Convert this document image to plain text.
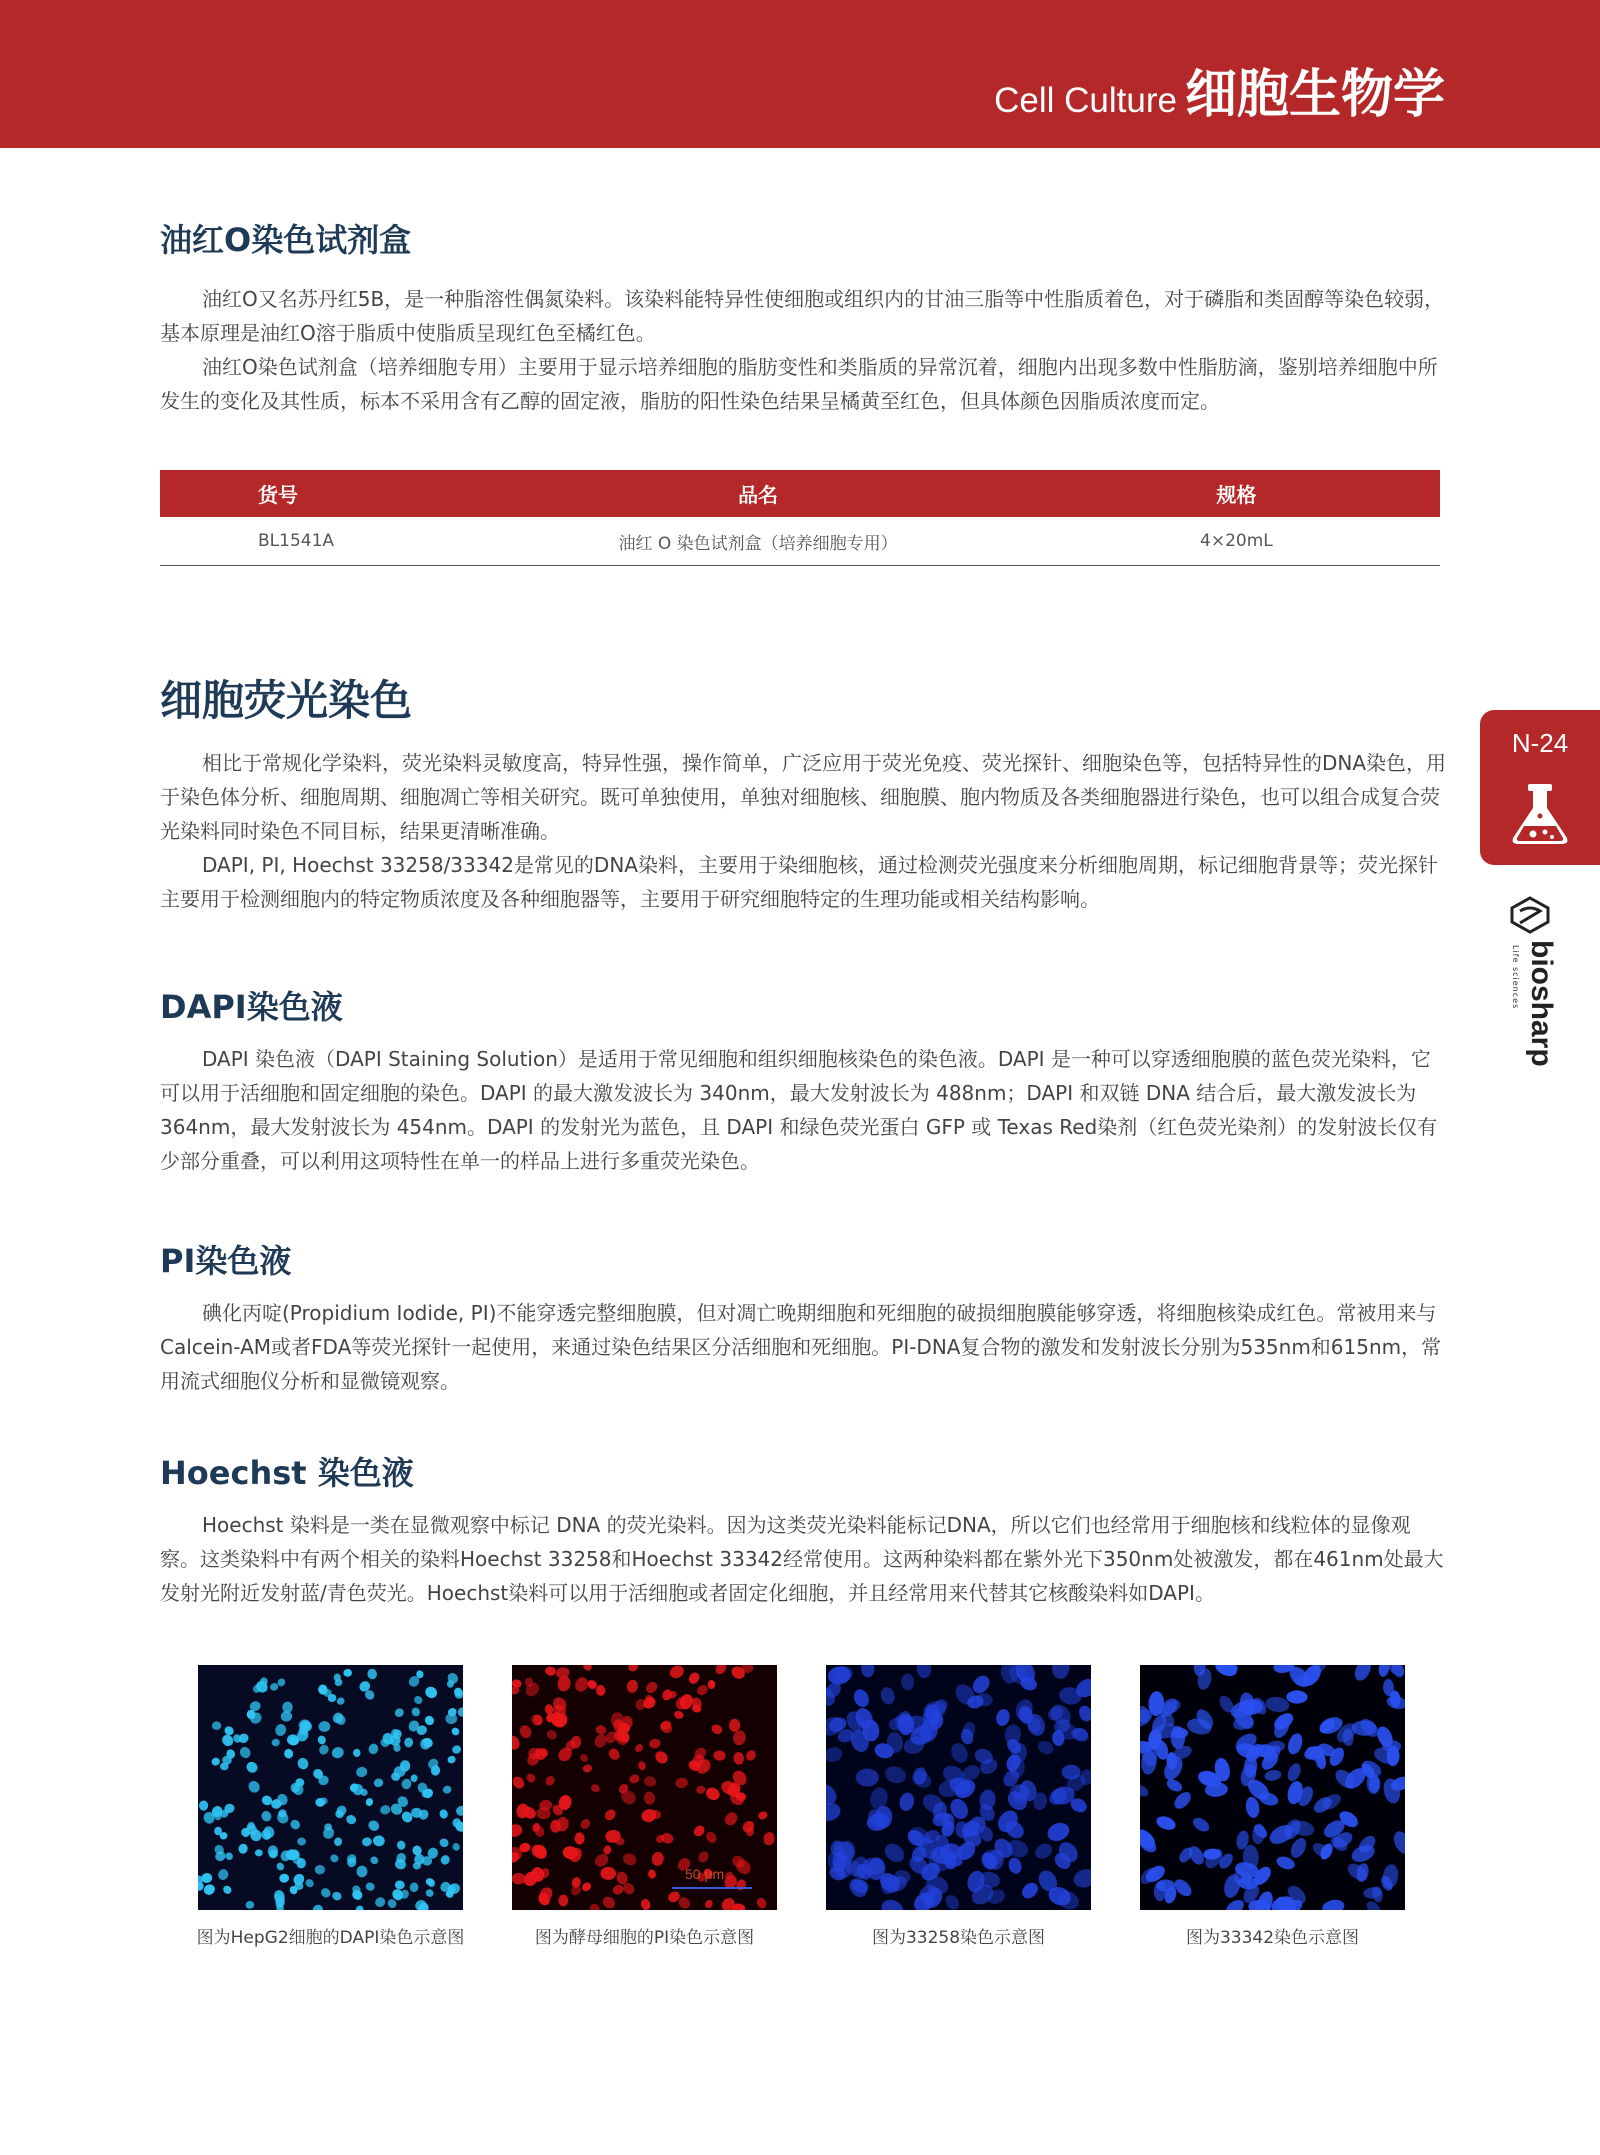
Cell Culture 细胞生物学
油红O染色试剂盒

油红O又名苏丹红5B，是一种脂溶性偶氮染料。该染料能特异性使细胞或组织内的甘油三脂等中性脂质着色，对于磷脂和类固醇等染色较弱，基本原理是油红O溶于脂质中使脂质呈现红色至橘红色。

油红O染色试剂盒（培养细胞专用）主要用于显示培养细胞的脂肪变性和类脂质的异常沉着，细胞内出现多数中性脂肪滴，鉴别培养细胞中所发生的变化及其性质，标本不采用含有乙醇的固定液，脂肪的阳性染色结果呈橘黄至红色，但具体颜色因脂质浓度而定。

货号	品名	规格
BL1541A	油红 O 染色试剂盒（培养细胞专用）	4×20mL
细胞荧光染色

相比于常规化学染料，荧光染料灵敏度高，特异性强，操作简单，广泛应用于荧光免疫、荧光探针、细胞染色等，包括特异性的DNA染色，用于染色体分析、细胞周期、细胞凋亡等相关研究。既可单独使用，单独对细胞核、细胞膜、胞内物质及各类细胞器进行染色，也可以组合成复合荧光染料同时染色不同目标，结果更清晰准确。

DAPI, PI, Hoechst 33258/33342是常见的DNA染料，主要用于染细胞核，通过检测荧光强度来分析细胞周期，标记细胞背景等；荧光探针主要用于检测细胞内的特定物质浓度及各种细胞器等，主要用于研究细胞特定的生理功能或相关结构影响。

N-24
biosharp
Life sciences
DAPI染色液

DAPI 染色液（DAPI Staining Solution）是适用于常见细胞和组织细胞核染色的染色液。DAPI 是一种可以穿透细胞膜的蓝色荧光染料，它可以用于活细胞和固定细胞的染色。DAPI 的最大激发波长为 340nm，最大发射波长为 488nm；DAPI 和双链 DNA 结合后，最大激发波长为 364nm，最大发射波长为 454nm。DAPI 的发射光为蓝色，且 DAPI 和绿色荧光蛋白 GFP 或 Texas Red染剂（红色荧光染剂）的发射波长仅有少部分重叠，可以利用这项特性在单一的样品上进行多重荧光染色。

PI染色液

碘化丙啶(Propidium Iodide, PI)不能穿透完整细胞膜，但对凋亡晚期细胞和死细胞的破损细胞膜能够穿透，将细胞核染成红色。常被用来与Calcein-AM或者FDA等荧光探针一起使用，来通过染色结果区分活细胞和死细胞。PI-DNA复合物的激发和发射波长分别为535nm和615nm，常用流式细胞仪分析和显微镜观察。

Hoechst 染色液

Hoechst 染料是一类在显微观察中标记 DNA 的荧光染料。因为这类荧光染料能标记DNA，所以它们也经常用于细胞核和线粒体的显像观察。这类染料中有两个相关的染料Hoechst 33258和Hoechst 33342经常使用。这两种染料都在紫外光下350nm处被激发，都在461nm处最大发射光附近发射蓝/青色荧光。Hoechst染料可以用于活细胞或者固定化细胞，并且经常用来代替其它核酸染料如DAPI。

50 μm
图为HepG2细胞的DAPI染色示意图	图为酵母细胞的PI染色示意图	图为33258染色示意图	图为33342染色示意图
